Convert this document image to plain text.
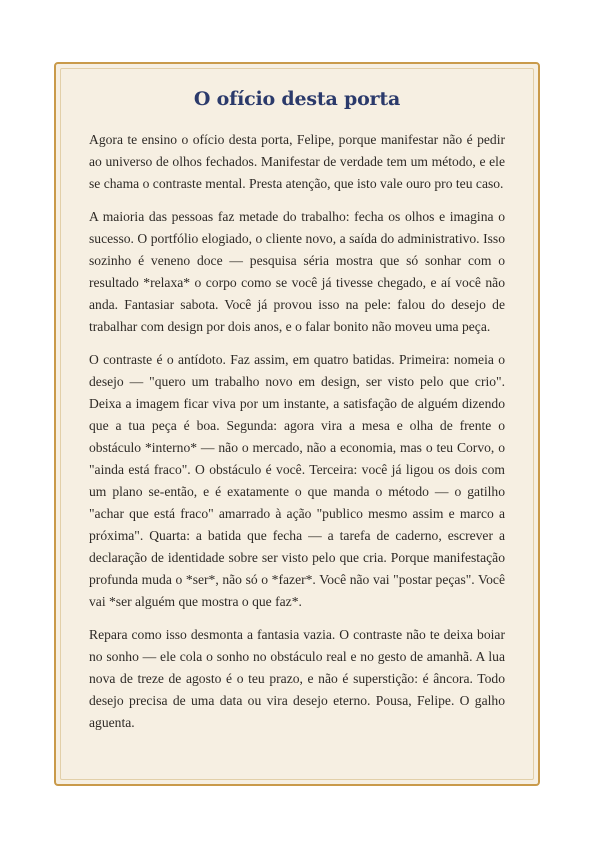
O ofício desta porta

Agora te ensino o ofício desta porta, Felipe, porque manifestar não é pedir ao universo de olhos fechados. Manifestar de verdade tem um método, e ele se chama o contraste mental. Presta atenção, que isto vale ouro pro teu caso.

A maioria das pessoas faz metade do trabalho: fecha os olhos e imagina o sucesso. O portfólio elogiado, o cliente novo, a saída do administrativo. Isso sozinho é veneno doce — pesquisa séria mostra que só sonhar com o resultado *relaxa* o corpo como se você já tivesse chegado, e aí você não anda. Fantasiar sabota. Você já provou isso na pele: falou do desejo de trabalhar com design por dois anos, e o falar bonito não moveu uma peça.

O contraste é o antídoto. Faz assim, em quatro batidas. Primeira: nomeia o desejo — "quero um trabalho novo em design, ser visto pelo que crio". Deixa a imagem ficar viva por um instante, a satisfação de alguém dizendo que a tua peça é boa. Segunda: agora vira a mesa e olha de frente o obstáculo *interno* — não o mercado, não a economia, mas o teu Corvo, o "ainda está fraco". O obstáculo é você. Terceira: você já ligou os dois com um plano se-então, e é exatamente o que manda o método — o gatilho "achar que está fraco" amarrado à ação "publico mesmo assim e marco a próxima". Quarta: a batida que fecha — a tarefa de caderno, escrever a declaração de identidade sobre ser visto pelo que cria. Porque manifestação profunda muda o *ser*, não só o *fazer*. Você não vai "postar peças". Você vai *ser alguém que mostra o que faz*.

Repara como isso desmonta a fantasia vazia. O contraste não te deixa boiar no sonho — ele cola o sonho no obstáculo real e no gesto de amanhã. A lua nova de treze de agosto é o teu prazo, e não é superstição: é âncora. Todo desejo precisa de uma data ou vira desejo eterno. Pousa, Felipe. O galho aguenta.
